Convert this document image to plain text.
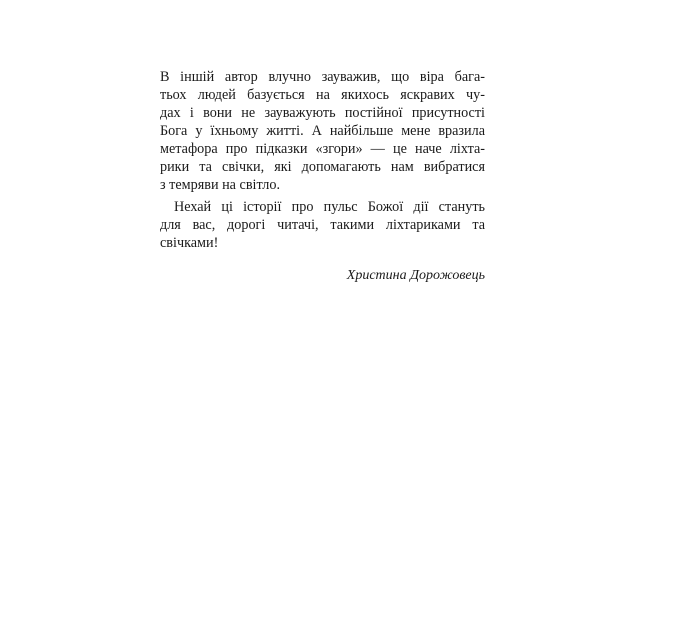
В іншій автор влучно зауважив, що віра бага-
тьох людей базується на якихось яскравих чу-
дах і вони не зауважують постійної присутності
Бога у їхньому житті. А найбільше мене вразила
метафора про підказки «згори» — це наче ліхта-
рики та свічки, які допомагають нам вибратися
з темряви на світло.
Нехай ці історії про пульс Божої дії стануть
для вас, дорогі читачі, такими ліхтариками та
свічками!
Христина Дорожовець
